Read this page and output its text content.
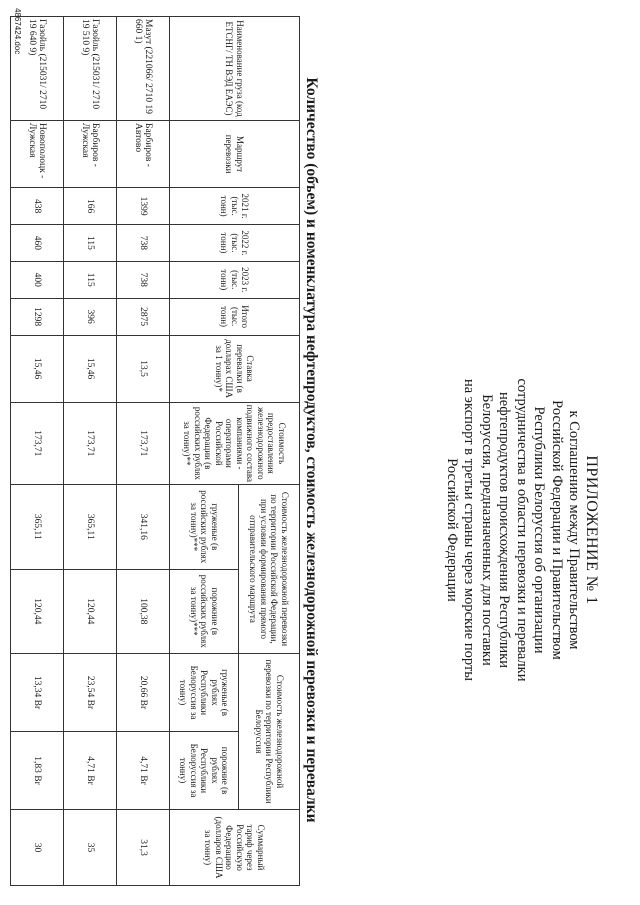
ПРИЛОЖЕНИЕ № 1
к Соглашению между Правительством
Российской Федерации и Правительством
Республики Белоруссия об организации
сотрудничества в области перевозки и перевалки
нефтепродуктов происхождения Республики
Белоруссия, предназначенных для поставки
на экспорт в третьи страны через морские порты
Российской Федерации
Количество (объем) и номенклатура нефтепродуктов, стоимость железнодорожной перевозки и перевалки
Наименование груза (код ЕТСНГ/ ТН ВЭД ЕАЭС)	Маршрут перевозки	2021 г. (тыс. тонн)	2022 г. (тыс. тонн)	2023 г. (тыс. тонн)	Итого (тыс. тонн)	Ставка перевалки (в долларах США за 1 тонну)*	Стоимость предоставления железнодорожного подвижного состава компаниями - операторами Российской Федерации (в российских рублях за тонну)**	Стоимость железнодорожной перевозки по территории Российской Федерации, при условии формирования прямого отправительского маршрута		Стоимость железнодорожной перевозки по территории Республики Белоруссия		Суммарный тариф через Российскую Федерацию (долларов США за тонну)
								груженые (в российских рублях за тонну)***	порожние (в российских рублях за тонну)***	груженые (в рублях Республики Белоруссия за тонну)	порожние (в рублях Республики Белоруссия за тонну)	
Мазут (221066/ 2710 19 660 1)	Барбиров - Автово	1399	738	738	2875	13,5	173,71	341,16	100,38	20,66 Br	4,71 Br	31,3
Газойль (215031/ 2710 19 510 9)	Барбиров - Лужская	166	115	115	396	15,46	173,71	365,11	120,44	23,54 Br	4,71 Br	35
Газойль (215031/ 2710 19 640 9)	Новополоцк - Лужская	438	460	400	1298	15,46	173,71	365,11	120,44	13,34 Br	1,83 Br	30
4867424.doc
